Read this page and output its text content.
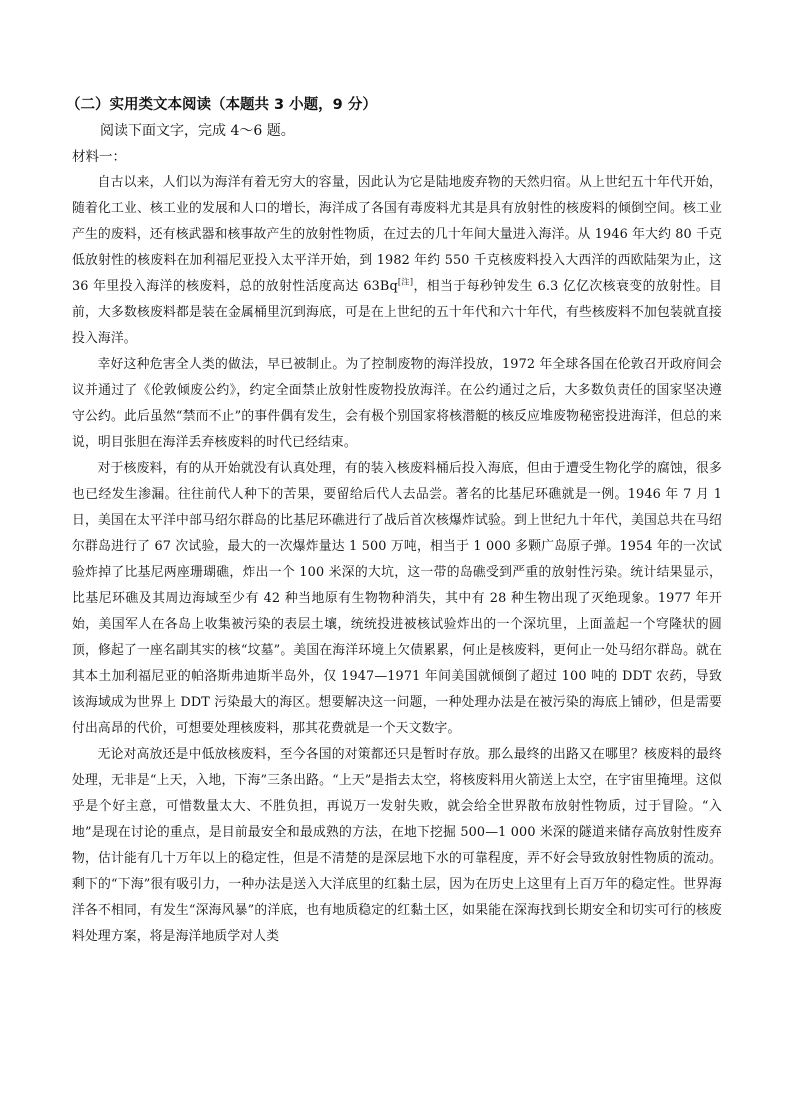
（二）实用类文本阅读（本题共 3 小题，9 分）
阅读下面文字，完成 4～6 题。
材料一：

自古以来，人们以为海洋有着无穷大的容量，因此认为它是陆地废弃物的天然归宿。从上世纪五十年代开始，随着化工业、核工业的发展和人口的增长，海洋成了各国有毒废料尤其是具有放射性的核废料的倾倒空间。核工业产生的废料，还有核武器和核事故产生的放射性物质，在过去的几十年间大量进入海洋。从 1946 年大约 80 千克低放射性的核废料在加利福尼亚投入太平洋开始，到 1982 年约 550 千克核废料投入大西洋的西欧陆架为止，这 36 年里投入海洋的核废料，总的放射性活度高达 63Bq[注]，相当于每秒钟发生 6.3 亿亿次核衰变的放射性。目前，大多数核废料都是装在金属桶里沉到海底，可是在上世纪的五十年代和六十年代，有些核废料不加包装就直接投入海洋。

幸好这种危害全人类的做法，早已被制止。为了控制废物的海洋投放，1972 年全球各国在伦敦召开政府间会议并通过了《伦敦倾废公约》，约定全面禁止放射性废物投放海洋。在公约通过之后，大多数负责任的国家坚决遵守公约。此后虽然“禁而不止”的事件偶有发生，会有极个别国家将核潜艇的核反应堆废物秘密投进海洋，但总的来说，明目张胆在海洋丢弃核废料的时代已经结束。

对于核废料，有的从开始就没有认真处理，有的装入核废料桶后投入海底，但由于遭受生物化学的腐蚀，很多也已经发生渗漏。往往前代人种下的苦果，要留给后代人去品尝。著名的比基尼环礁就是一例。1946 年 7 月 1 日，美国在太平洋中部马绍尔群岛的比基尼环礁进行了战后首次核爆炸试验。到上世纪九十年代，美国总共在马绍尔群岛进行了 67 次试验，最大的一次爆炸量达 1 500 万吨，相当于 1 000 多颗广岛原子弹。1954 年的一次试验炸掉了比基尼两座珊瑚礁，炸出一个 100 米深的大坑，这一带的岛礁受到严重的放射性污染。统计结果显示，比基尼环礁及其周边海域至少有 42 种当地原有生物物种消失，其中有 28 种生物出现了灭绝现象。1977 年开始，美国军人在各岛上收集被污染的表层土壤，统统投进被核试验炸出的一个深坑里，上面盖起一个穹隆状的圆顶，修起了一座名副其实的核“坟墓”。美国在海洋环境上欠债累累，何止是核废料，更何止一处马绍尔群岛。就在其本土加利福尼亚的帕洛斯弗迪斯半岛外，仅 1947—1971 年间美国就倾倒了超过 100 吨的 DDT 农药，导致该海域成为世界上 DDT 污染最大的海区。想要解决这一问题，一种处理办法是在被污染的海底上铺砂，但是需要付出高昂的代价，可想要处理核废料，那其花费就是一个天文数字。

无论对高放还是中低放核废料，至今各国的对策都还只是暂时存放。那么最终的出路又在哪里？核废料的最终处理，无非是“上天，入地，下海”三条出路。“上天”是指去太空，将核废料用火箭送上太空，在宇宙里掩埋。这似乎是个好主意，可惜数量太大、不胜负担，再说万一发射失败，就会给全世界散布放射性物质，过于冒险。“入地”是现在讨论的重点，是目前最安全和最成熟的方法，在地下挖掘 500—1 000 米深的隧道来储存高放射性废弃物，估计能有几十万年以上的稳定性，但是不清楚的是深层地下水的可靠程度，弄不好会导致放射性物质的流动。剩下的“下海”很有吸引力，一种办法是送入大洋底里的红黏土层，因为在历史上这里有上百万年的稳定性。世界海洋各不相同，有发生“深海风暴”的洋底，也有地质稳定的红黏土区，如果能在深海找到长期安全和切实可行的核废料处理方案，将是海洋地质学对人类
